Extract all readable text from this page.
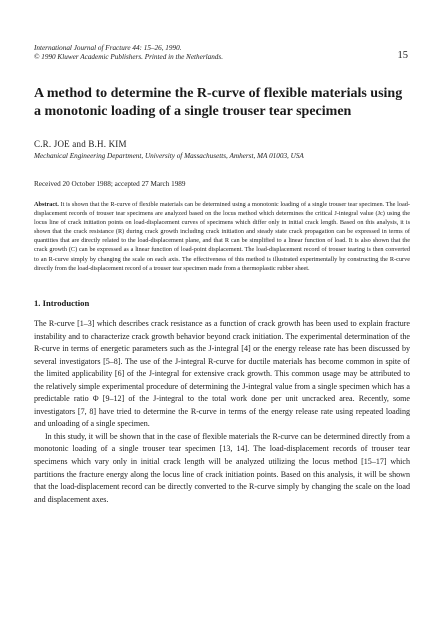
International Journal of Fracture 44: 15–26, 1990.
© 1990 Kluwer Academic Publishers. Printed in the Netherlands.	15
A method to determine the R-curve of flexible materials using a monotonic loading of a single trouser tear specimen
C.R. JOE and B.H. KIM
Mechanical Engineering Department, University of Massachusetts, Amherst, MA 01003, USA
Received 20 October 1988; accepted 27 March 1989

Abstract. It is shown that the R-curve of flexible materials can be determined using a monotonic loading of a single trouser tear specimen. The load-displacement records of trouser tear specimens are analyzed based on the locus method which determines the critical J-integral value (Jc) using the locus line of crack initiation points on load-displacement curves of specimens which differ only in initial crack length. Based on this analysis, it is shown that the crack resistance (R) during crack growth including crack initiation and steady state crack propagation can be expressed in terms of quantities that are directly related to the load-displacement plane, and that R can be simplified to a linear function of load. It is also shown that the crack growth (C) can be expressed as a linear function of load-point displacement. The load-displacement record of trouser tearing is then converted to an R-curve simply by changing the scale on each axis. The effectiveness of this method is illustrated experimentally by constructing the R-curve directly from the load-displacement record of a trouser tear specimen made from a thermoplastic rubber sheet.

1. Introduction

The R-curve [1–3] which describes crack resistance as a function of crack growth has been used to explain fracture instability and to characterize crack growth behavior beyond crack initiation. The experimental determination of the R-curve in terms of energetic parameters such as the J-integral [4] or the energy release rate has been discussed by several investigators [5–8]. The use of the J-integral R-curve for ductile materials has become common in spite of the limited applicability [6] of the J-integral for extensive crack growth. This common usage may be attributed to the relatively simple experimental procedure of determining the J-integral value from a single specimen which has a predictable ratio Φ [9–12] of the J-integral to the total work done per unit uncracked area. Recently, some investigators [7, 8] have tried to determine the R-curve in terms of the energy release rate using repeated loading and unloading of a single specimen.

In this study, it will be shown that in the case of flexible materials the R-curve can be determined directly from a monotonic loading of a single trouser tear specimen [13, 14]. The load-displacement records of trouser tear specimens which vary only in initial crack length will be analyzed utilizing the locus method [15–17] which partitions the fracture energy along the locus line of crack initiation points. Based on this analysis, it will be shown that the load-displacement record can be directly converted to the R-curve simply by changing the scale on the load and displacement axes.
